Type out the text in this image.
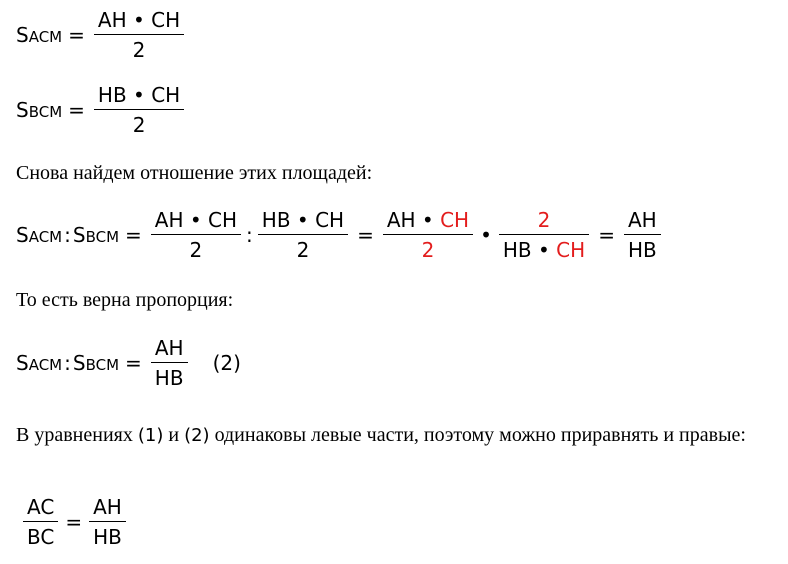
S ACM = $\frac{AH • CH}{2}$
S BCM = $\frac{HB • CH}{2}$
Снова найдем отношение этих площадей:
S ACM : S BCM = $\frac{AH • CH}{2}$ : $\frac{HB • CH}{2} = \frac{AH • CH}{2}$ • $\frac{2}{HB • CH} = \frac{AH}{HB}$
То есть верна пропорция:
S ACM : S BCM = $\frac{AH}{HB} (2)$
В уравнениях (1) и (2) одинаковы левые части, поэтому можно приравнять и правые:
$\frac{AC}{BC} = \frac{AH}{HB}$
